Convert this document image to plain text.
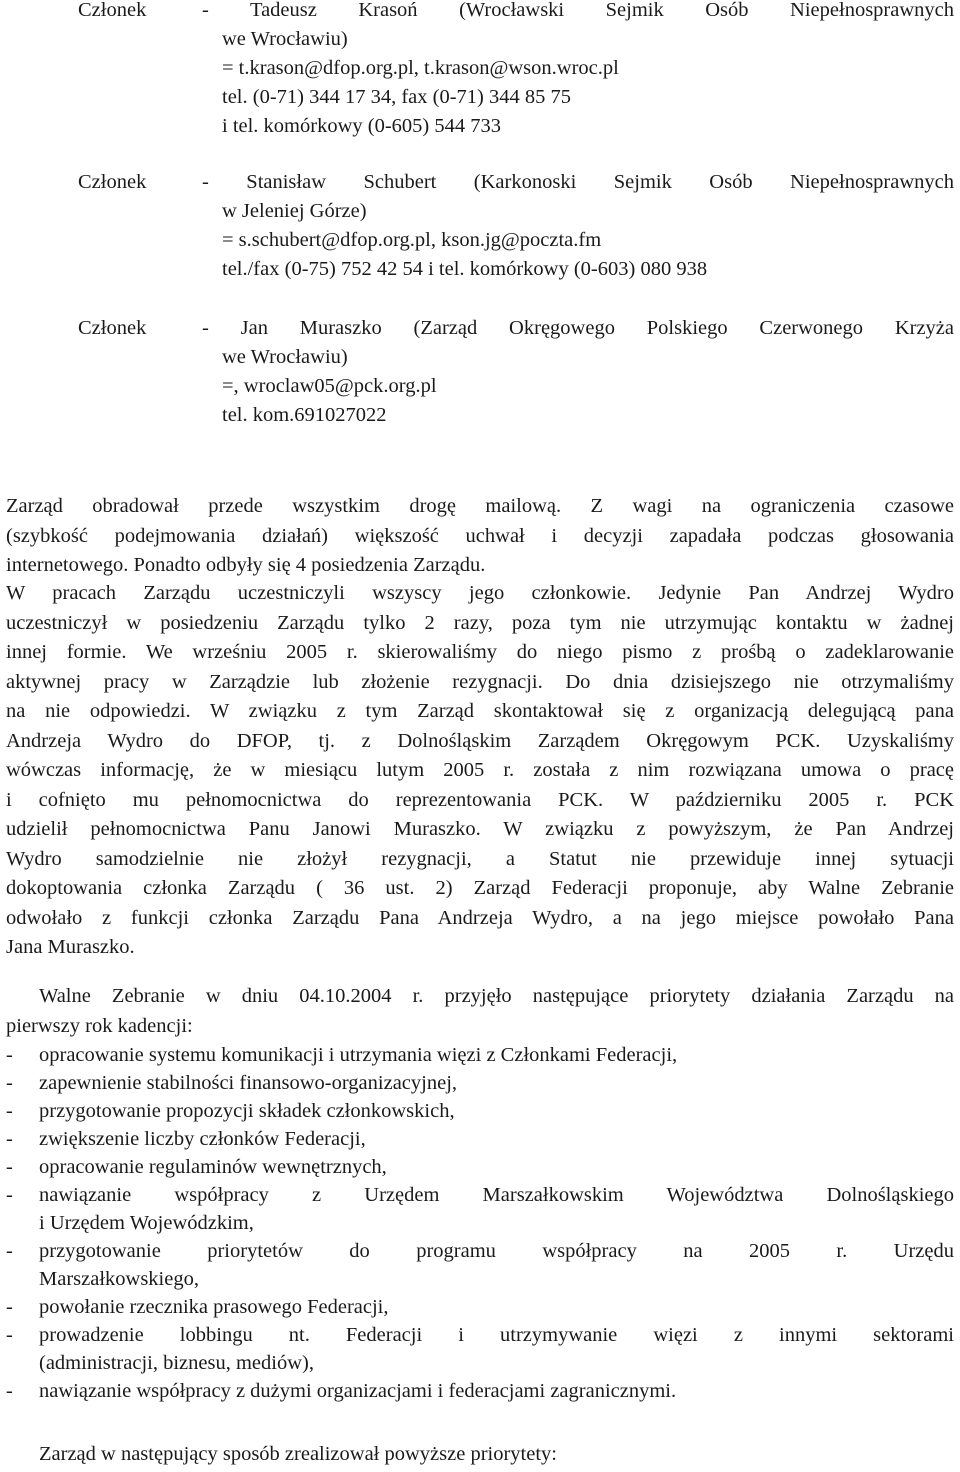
Członek	- Tadeusz Krasoń (Wrocławski Sejmik Osób Niepełnosprawnych
we Wrocławiu)
= t.krason@dfop.org.pl, t.krason@wson.wroc.pl
tel. (0-71) 344 17 34, fax (0-71) 344 85 75
i tel. komórkowy (0-605) 544 733
Członek	- Stanisław Schubert (Karkonoski Sejmik Osób Niepełnosprawnych
w Jeleniej Górze)
= s.schubert@dfop.org.pl, kson.jg@poczta.fm
tel./fax (0-75) 752 42 54 i tel. komórkowy (0-603) 080 938
Członek	- Jan Muraszko (Zarząd Okręgowego Polskiego Czerwonego Krzyża
we Wrocławiu)
=, wroclaw05@pck.org.pl
tel. kom.691027022
Zarząd obradował przede wszystkim drogę mailową. Z wagi na ograniczenia czasowe
(szybkość podejmowania działań) większość uchwał i decyzji zapadała podczas głosowania
internetowego. Ponadto odbyły się 4 posiedzenia Zarządu.
W pracach Zarządu uczestniczyli wszyscy jego członkowie. Jedynie Pan Andrzej Wydro
uczestniczył w posiedzeniu Zarządu tylko 2 razy, poza tym nie utrzymując kontaktu w żadnej
innej formie. We wrześniu 2005 r. skierowaliśmy do niego pismo z prośbą o zadeklarowanie
aktywnej pracy w Zarządzie lub złożenie rezygnacji. Do dnia dzisiejszego nie otrzymaliśmy
na nie odpowiedzi. W związku z tym Zarząd skontaktował się z organizacją delegującą pana
Andrzeja Wydro do DFOP, tj. z Dolnośląskim Zarządem Okręgowym PCK. Uzyskaliśmy
wówczas informację, że w miesiącu lutym 2005 r. została z nim rozwiązana umowa o pracę
i cofnięto mu pełnomocnictwa do reprezentowania PCK. W październiku 2005 r. PCK
udzielił pełnomocnictwa Panu Janowi Muraszko. W związku z powyższym, że Pan Andrzej
Wydro samodzielnie nie złożył rezygnacji, a Statut nie przewiduje innej sytuacji
dokoptowania członka Zarządu ( 36 ust. 2) Zarząd Federacji proponuje, aby Walne Zebranie
odwołało z funkcji członka Zarządu Pana Andrzeja Wydro, a na jego miejsce powołało Pana
Jana Muraszko.
Walne Zebranie w dniu 04.10.2004 r. przyjęło następujące priorytety działania Zarządu na
pierwszy rok kadencji:
- opracowanie systemu komunikacji i utrzymania więzi z Członkami Federacji,
- zapewnienie stabilności finansowo-organizacyjnej,
- przygotowanie propozycji składek członkowskich,
- zwiększenie liczby członków Federacji,
- opracowanie regulaminów wewnętrznych,
- nawiązanie współpracy z Urzędem Marszałkowskim Województwa Dolnośląskiego
i Urzędem Wojewódzkim,
- przygotowanie priorytetów do programu współpracy na 2005 r. Urzędu
Marszałkowskiego,
- powołanie rzecznika prasowego Federacji,
- prowadzenie lobbingu nt. Federacji i utrzymywanie więzi z innymi sektorami
(administracji, biznesu, mediów),
- nawiązanie współpracy z dużymi organizacjami i federacjami zagranicznymi.
Zarząd w następujący sposób zrealizował powyższe priorytety:
